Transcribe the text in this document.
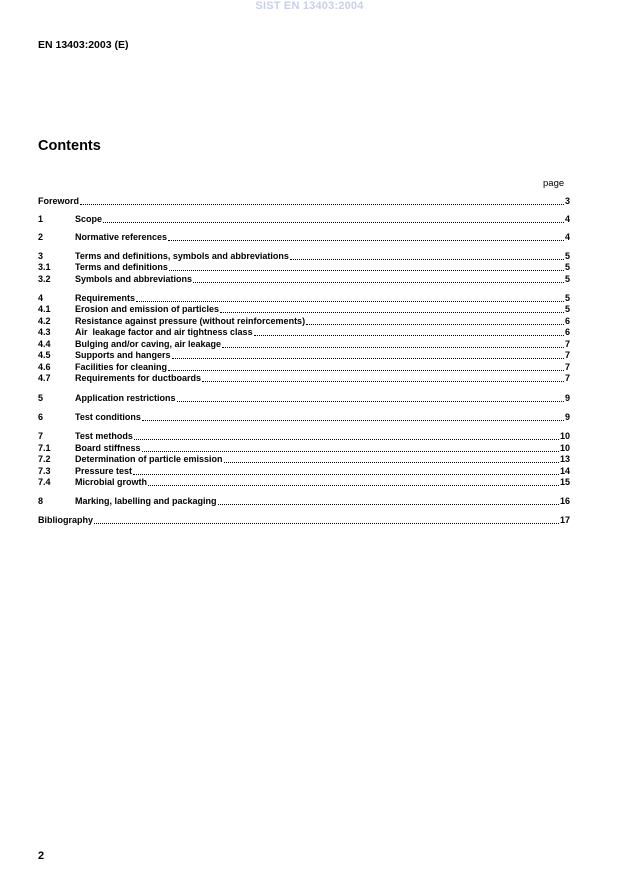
SIST EN 13403:2004
EN 13403:2003 (E)
Contents
page
Foreword	3
1	Scope	4
2	Normative references	4
3	Terms and definitions, symbols and abbreviations	5
3.1	Terms and definitions	5
3.2	Symbols and abbreviations	5
4	Requirements	5
4.1	Erosion and emission of particles	5
4.2	Resistance against pressure (without reinforcements)	6
4.3	Air  leakage factor and air tightness class	6
4.4	Bulging and/or caving, air leakage	7
4.5	Supports and hangers	7
4.6	Facilities for cleaning	7
4.7	Requirements for ductboards	7
5	Application restrictions	9
6	Test conditions	9
7	Test methods	10
7.1	Board stiffness	10
7.2	Determination of particle emission	13
7.3	Pressure test	14
7.4	Microbial growth	15
8	Marking, labelling and packaging	16
Bibliography	17
2
